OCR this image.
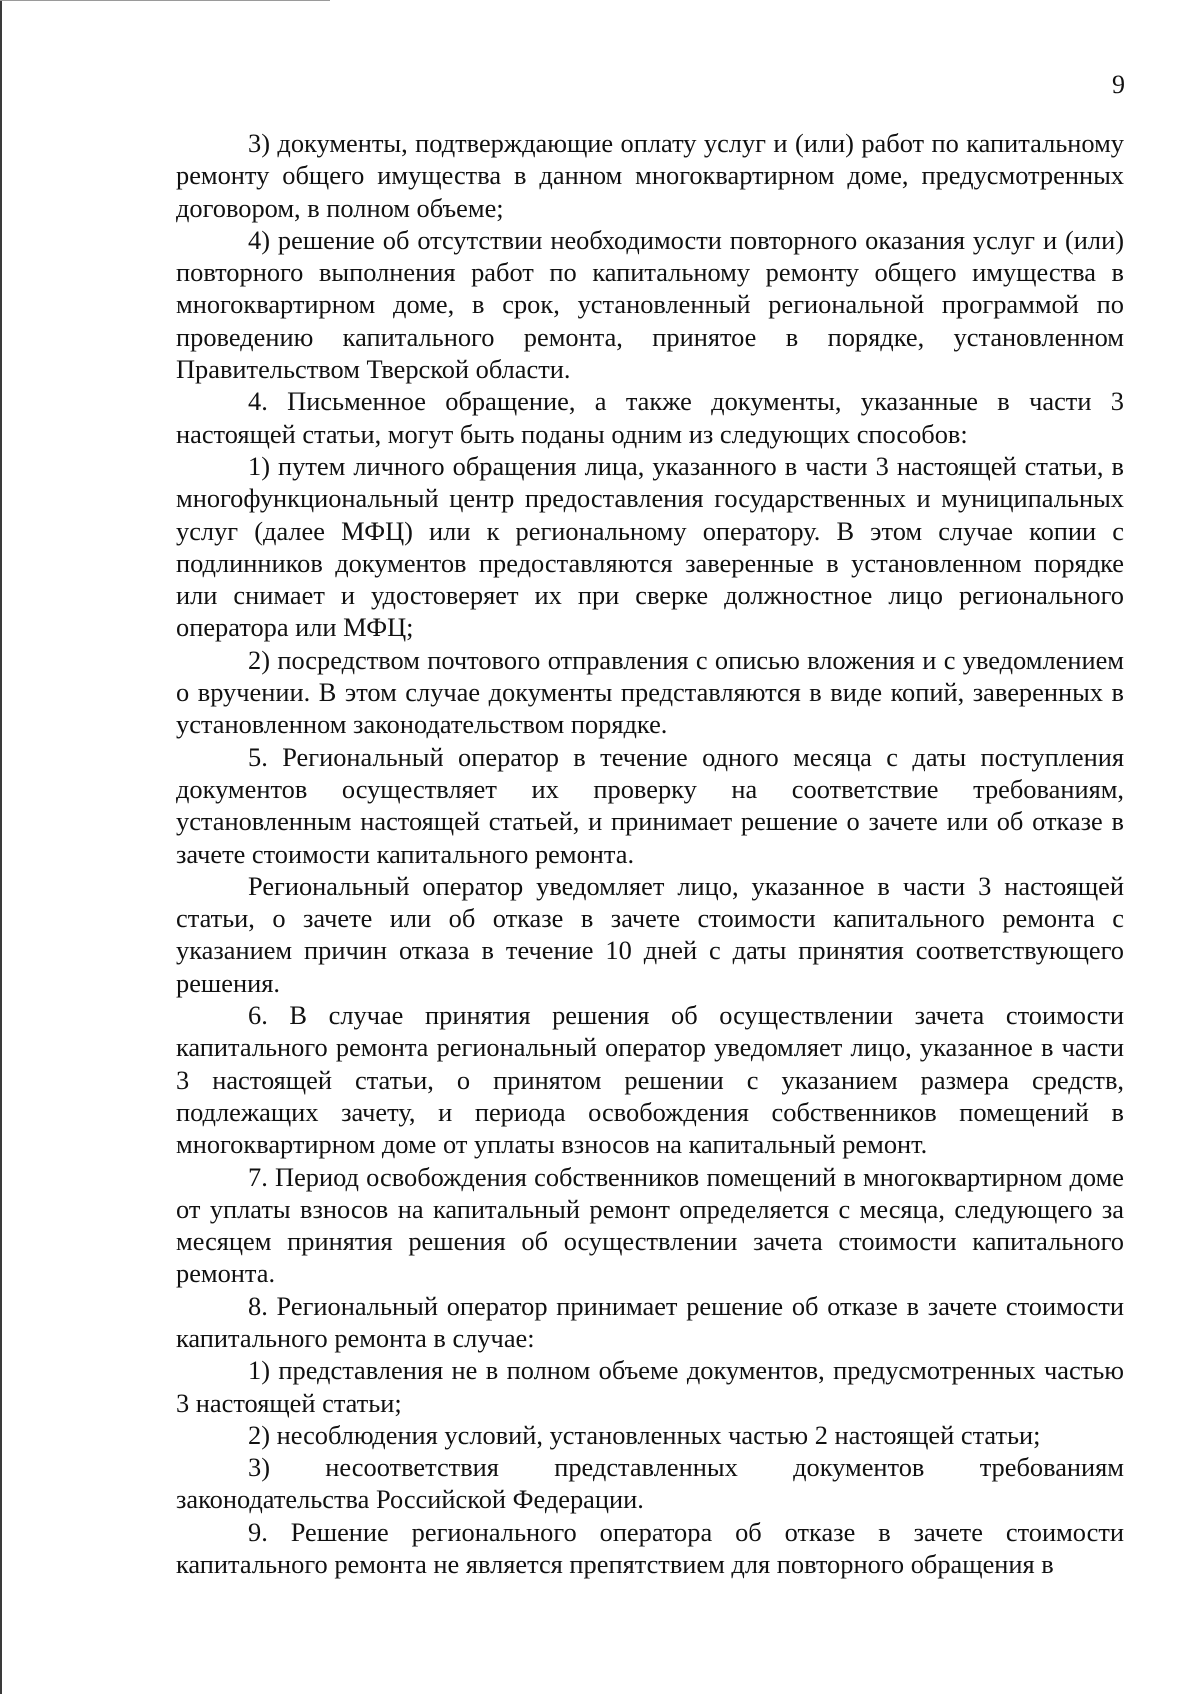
9

3) документы, подтверждающие оплату услуг и (или) работ по капитальному ремонту общего имущества в данном многоквартирном доме, предусмотренных договором, в полном объеме;

4) решение об отсутствии необходимости повторного оказания услуг и (или) повторного выполнения работ по капитальному ремонту общего имущества в многоквартирном доме, в срок, установленный региональной программой по проведению капитального ремонта, принятое в порядке, установленном Правительством Тверской области.

4. Письменное обращение, а также документы, указанные в части 3 настоящей статьи, могут быть поданы одним из следующих способов:

1) путем личного обращения лица, указанного в части 3 настоящей статьи, в многофункциональный центр предоставления государственных и муниципальных услуг (далее МФЦ) или к региональному оператору. В этом случае копии с подлинников документов предоставляются заверенные в установленном порядке или снимает и удостоверяет их при сверке должностное лицо регионального оператора или МФЦ;

2) посредством почтового отправления с описью вложения и с уведомлением о вручении. В этом случае документы представляются в виде копий, заверенных в установленном законодательством порядке.

5. Региональный оператор в течение одного месяца с даты поступления документов осуществляет их проверку на соответствие требованиям, установленным настоящей статьей, и принимает решение о зачете или об отказе в зачете стоимости капитального ремонта.

Региональный оператор уведомляет лицо, указанное в части 3 настоящей статьи, о зачете или об отказе в зачете стоимости капитального ремонта с указанием причин отказа в течение 10 дней с даты принятия соответствующего решения.

6. В случае принятия решения об осуществлении зачета стоимости капитального ремонта региональный оператор уведомляет лицо, указанное в части 3 настоящей статьи, о принятом решении с указанием размера средств, подлежащих зачету, и периода освобождения собственников помещений в многоквартирном доме от уплаты взносов на капитальный ремонт.

7. Период освобождения собственников помещений в многоквартирном доме от уплаты взносов на капитальный ремонт определяется с месяца, следующего за месяцем принятия решения об осуществлении зачета стоимости капитального ремонта.

8. Региональный оператор принимает решение об отказе в зачете стоимости капитального ремонта в случае:

1) представления не в полном объеме документов, предусмотренных частью 3 настоящей статьи;

2) несоблюдения условий, установленных частью 2 настоящей статьи;

3) несоответствия представленных документов требованиям законодательства Российской Федерации.

9. Решение регионального оператора об отказе в зачете стоимости капитального ремонта не является препятствием для повторного обращения в
